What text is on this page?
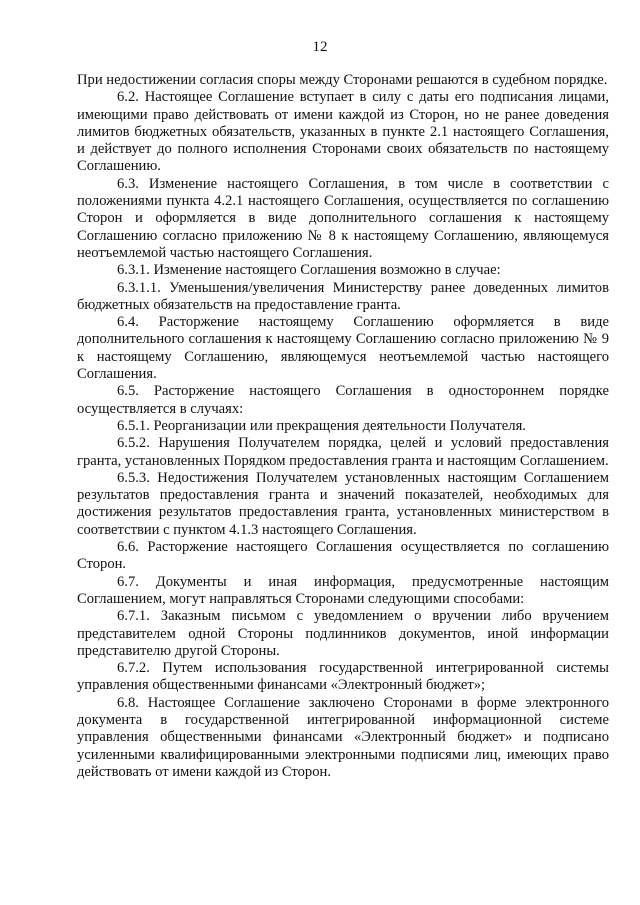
12

При недостижении согласия споры между Сторонами решаются в судебном порядке.

6.2. Настоящее Соглашение вступает в силу с даты его подписания лицами, имеющими право действовать от имени каждой из Сторон, но не ранее доведения лимитов бюджетных обязательств, указанных в пункте 2.1 настоящего Соглашения, и действует до полного исполнения Сторонами своих обязательств по настоящему Соглашению.

6.3. Изменение настоящего Соглашения, в том числе в соответствии с положениями пункта 4.2.1 настоящего Соглашения, осуществляется по соглашению Сторон и оформляется в виде дополнительного соглашения к настоящему Соглашению согласно приложению № 8 к настоящему Соглашению, являющемуся неотъемлемой частью настоящего Соглашения.

6.3.1. Изменение настоящего Соглашения возможно в случае:

6.3.1.1. Уменьшения/увеличения Министерству ранее доведенных лимитов бюджетных обязательств на предоставление гранта.

6.4. Расторжение настоящему Соглашению оформляется в виде дополнительного соглашения к настоящему Соглашению согласно приложению № 9 к настоящему Соглашению, являющемуся неотъемлемой частью настоящего Соглашения.

6.5. Расторжение настоящего Соглашения в одностороннем порядке осуществляется в случаях:

6.5.1. Реорганизации или прекращения деятельности Получателя.

6.5.2. Нарушения Получателем порядка, целей и условий предоставления гранта, установленных Порядком предоставления гранта и настоящим Соглашением.

6.5.3. Недостижения Получателем установленных настоящим Соглашением результатов предоставления гранта и значений показателей, необходимых для достижения результатов предоставления гранта, установленных министерством в соответствии с пунктом 4.1.3 настоящего Соглашения.

6.6. Расторжение настоящего Соглашения осуществляется по соглашению Сторон.

6.7. Документы и иная информация, предусмотренные настоящим Соглашением, могут направляться Сторонами следующими способами:

6.7.1. Заказным письмом с уведомлением о вручении либо вручением представителем одной Стороны подлинников документов, иной информации представителю другой Стороны.

6.7.2. Путем использования государственной интегрированной системы управления общественными финансами «Электронный бюджет»;

6.8. Настоящее Соглашение заключено Сторонами в форме электронного документа в государственной интегрированной информационной системе управления общественными финансами «Электронный бюджет» и подписано усиленными квалифицированными электронными подписями лиц, имеющих право действовать от имени каждой из Сторон.
